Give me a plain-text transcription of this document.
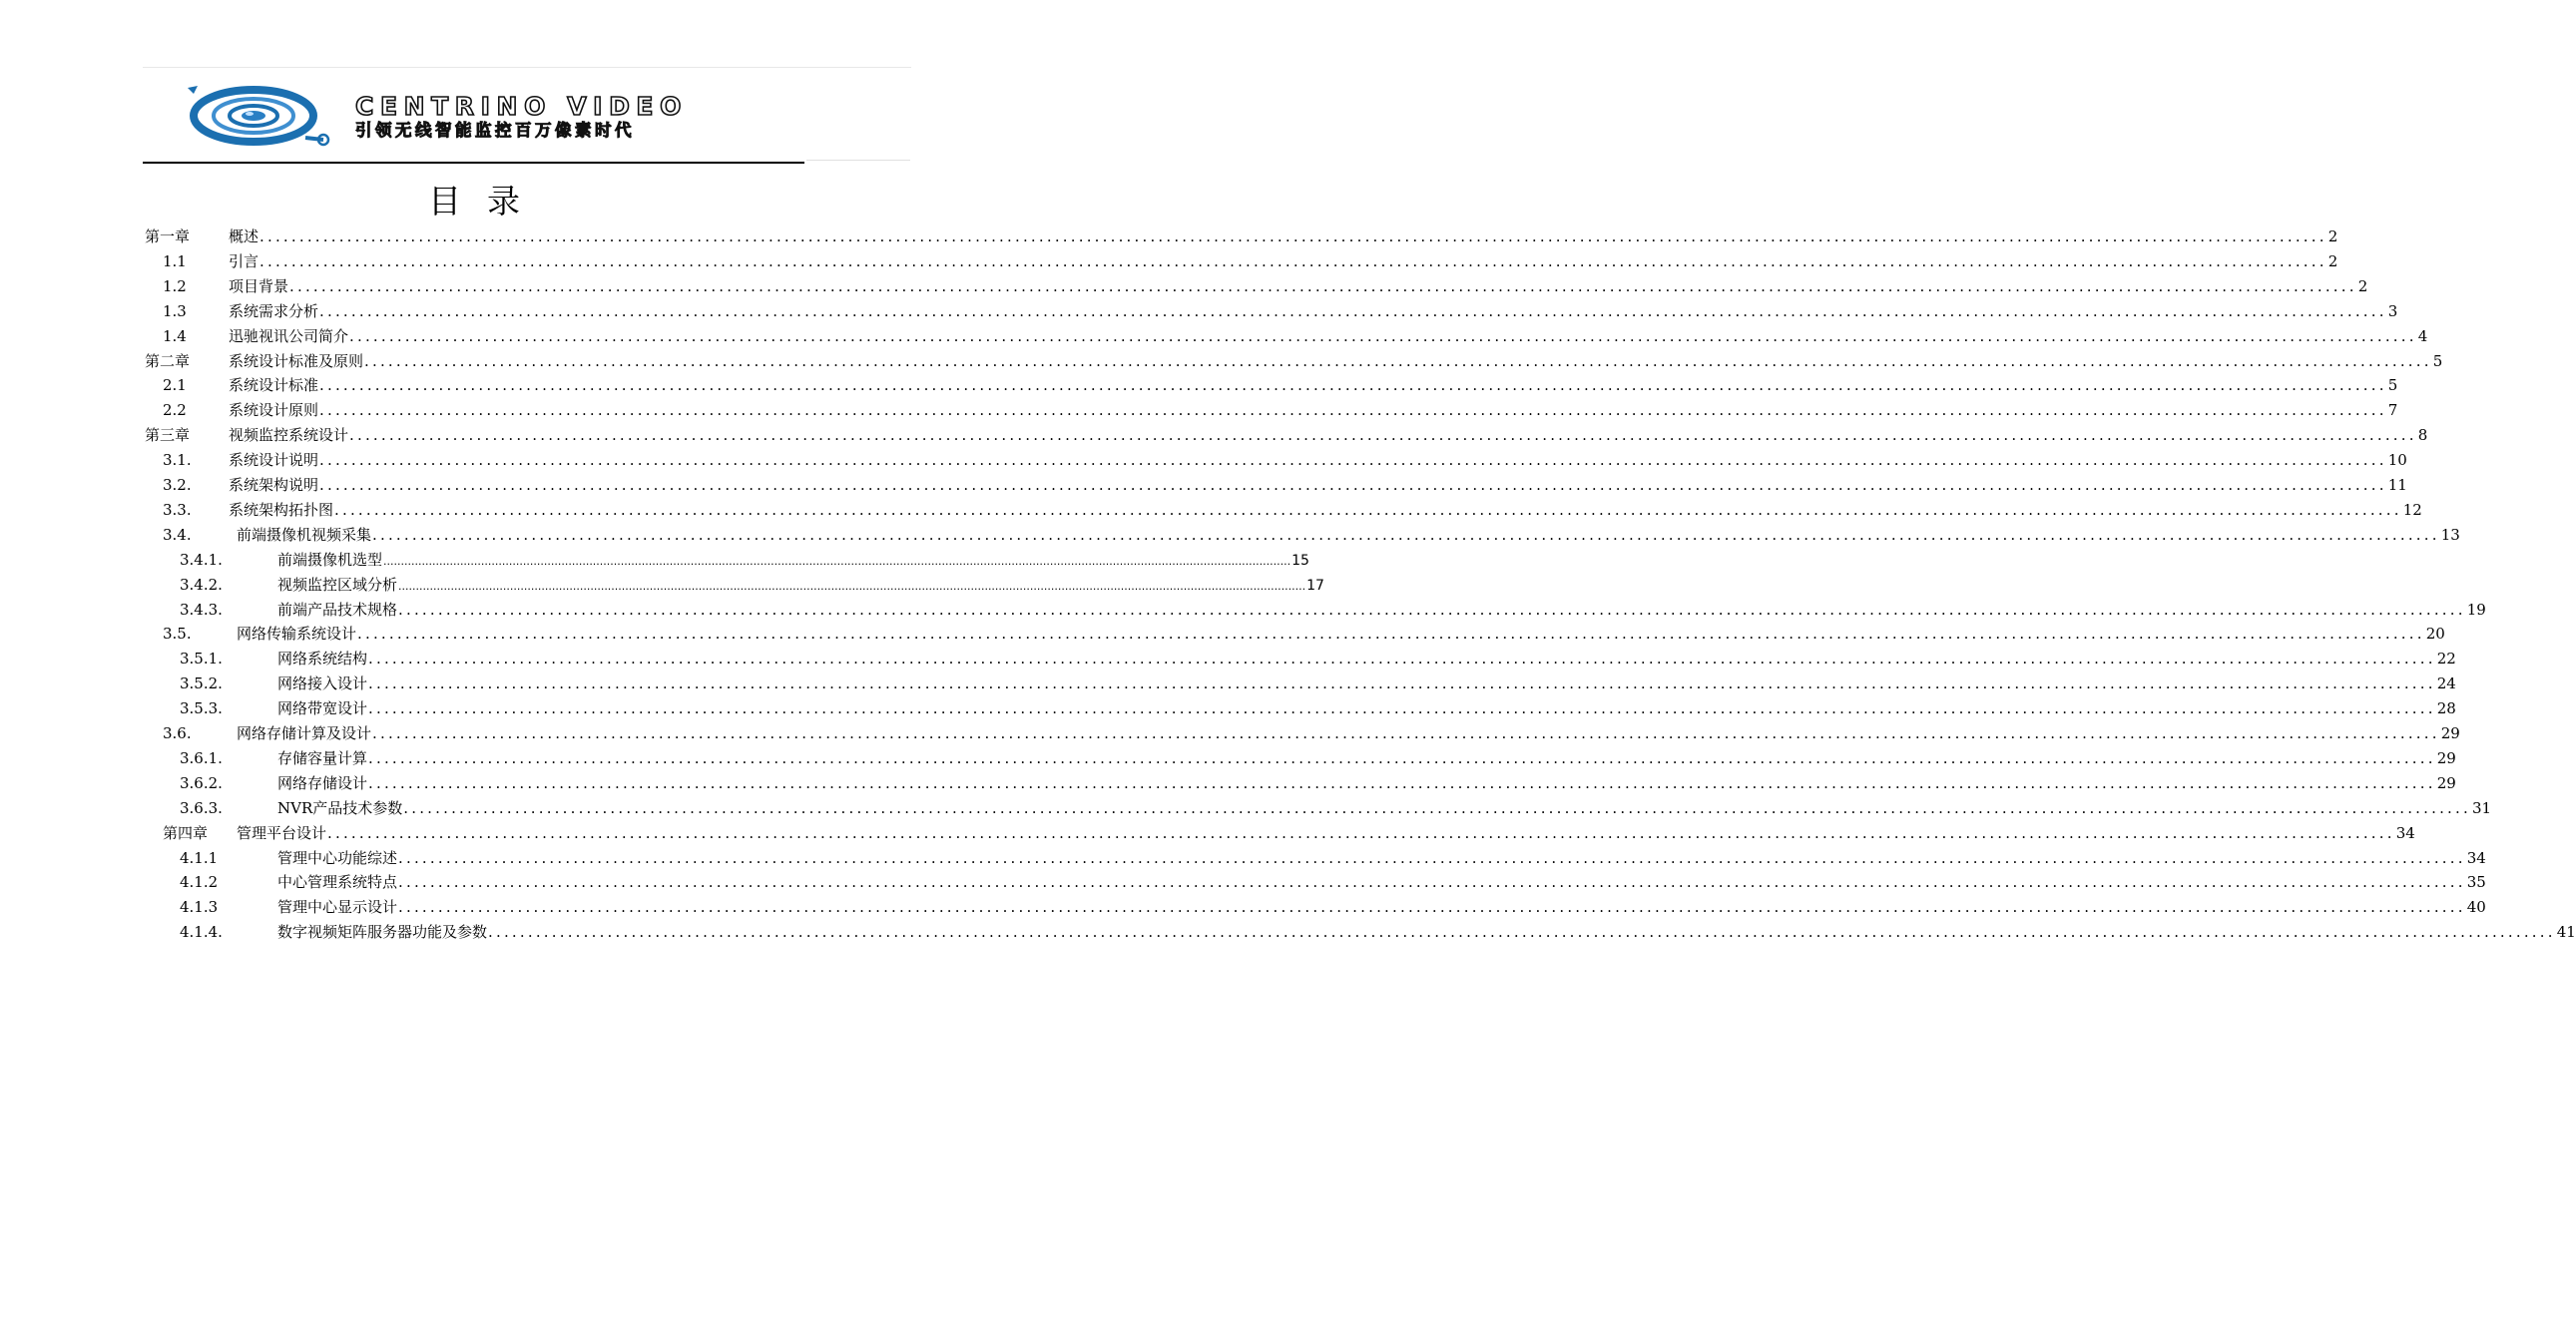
CENTRINO VIDEO
引领无线智能监控百万像素时代
目录
第一章	概述 .................................................................................................................................................................................................................................................................... 2
1.1	引言 .................................................................................................................................................................................................................................................................... 2
1.2	项目背景 .................................................................................................................................................................................................................................................................... 2
1.3	系统需求分析 .................................................................................................................................................................................................................................................................... 3
1.4	迅驰视讯公司简介 .................................................................................................................................................................................................................................................................... 4
第二章	系统设计标准及原则 .................................................................................................................................................................................................................................................................... 5
2.1	系统设计标准 .................................................................................................................................................................................................................................................................... 5
2.2	系统设计原则 .................................................................................................................................................................................................................................................................... 7
第三章	视频监控系统设计 .................................................................................................................................................................................................................................................................... 8
3.1. 系统设计说明 .................................................................................................................................................................................................................................................................... 10
3.2. 系统架构说明 .................................................................................................................................................................................................................................................................... 11
3.3. 系统架构拓扑图 .................................................................................................................................................................................................................................................................... 12
3.4.	前端摄像机视频采集 .................................................................................................................................................................................................................................................................... 13
3.4.1.	前端摄像机选型 .................................................................................................................................................................................................................................................................... 15
3.4.2.	视频监控区域分析 .................................................................................................................................................................................................................................................................... 17
3.4.3.	前端产品技术规格 .................................................................................................................................................................................................................................................................... 19
3.5.	网络传输系统设计 .................................................................................................................................................................................................................................................................... 20
3.5.1.	网络系统结构 .................................................................................................................................................................................................................................................................... 22
3.5.2.	网络接入设计 .................................................................................................................................................................................................................................................................... 24
3.5.3.	网络带宽设计 .................................................................................................................................................................................................................................................................... 28
3.6.	网络存储计算及设计 .................................................................................................................................................................................................................................................................... 29
3.6.1.	存储容量计算 .................................................................................................................................................................................................................................................................... 29
3.6.2.	网络存储设计 .................................................................................................................................................................................................................................................................... 29
3.6.3.	NVR产品技术参数 .................................................................................................................................................................................................................................................................... 31
第四章 管理平台设计 .................................................................................................................................................................................................................................................................... 34
4.1.1	管理中心功能综述 .................................................................................................................................................................................................................................................................... 34
4.1.2	中心管理系统特点 .................................................................................................................................................................................................................................................................... 35
4.1.3	管理中心显示设计 .................................................................................................................................................................................................................................................................... 40
4.1.4.	数字视频矩阵服务器功能及参数 .................................................................................................................................................................................................................................................................... 41
